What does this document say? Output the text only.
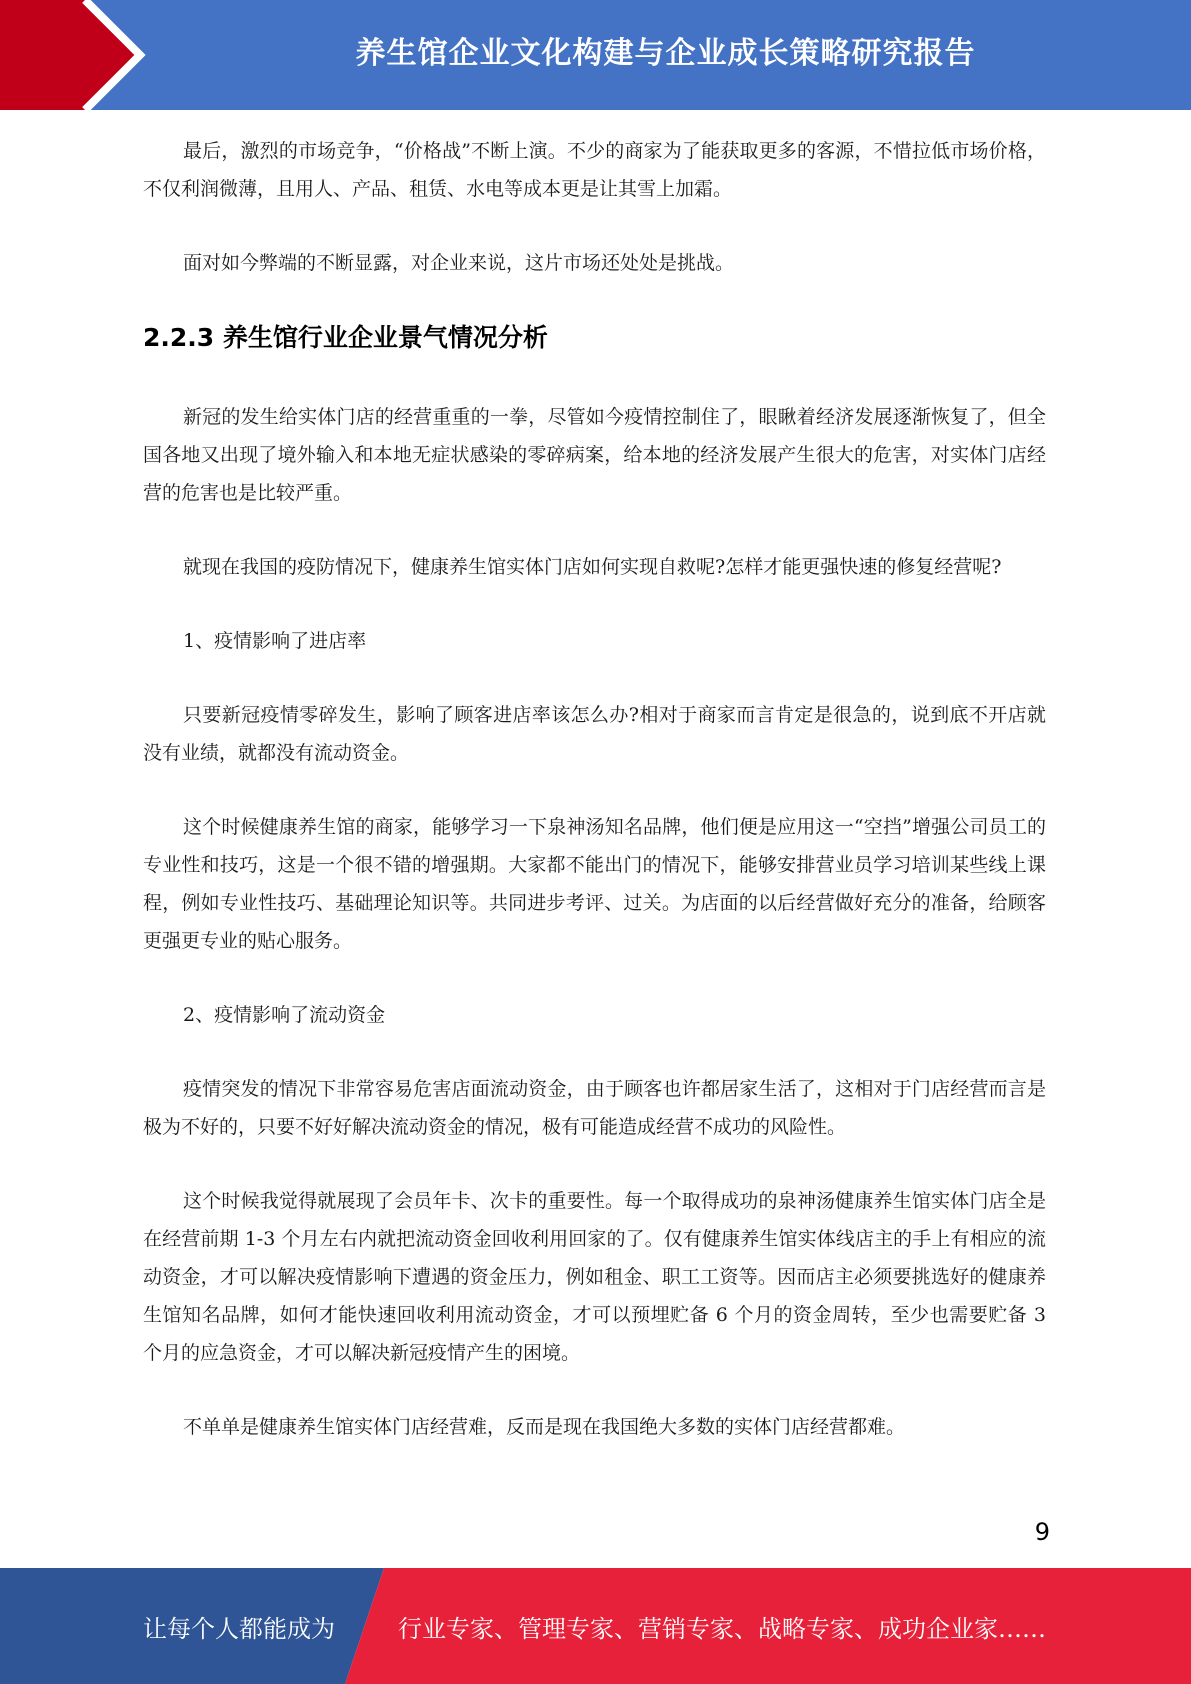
养生馆企业文化构建与企业成长策略研究报告

最后，激烈的市场竞争，“价格战”不断上演。不少的商家为了能获取更多的客源，不惜拉低市场价格，不仅利润微薄，且用人、产品、租赁、水电等成本更是让其雪上加霜。

面对如今弊端的不断显露，对企业来说，这片市场还处处是挑战。

2.2.3 养生馆行业企业景气情况分析

新冠的发生给实体门店的经营重重的一拳，尽管如今疫情控制住了，眼瞅着经济发展逐渐恢复了，但全国各地又出现了境外输入和本地无症状感染的零碎病案，给本地的经济发展产生很大的危害，对实体门店经营的危害也是比较严重。

就现在我国的疫防情况下，健康养生馆实体门店如何实现自救呢?怎样才能更强快速的修复经营呢?

1、疫情影响了进店率

只要新冠疫情零碎发生，影响了顾客进店率该怎么办?相对于商家而言肯定是很急的，说到底不开店就没有业绩，就都没有流动资金。

这个时候健康养生馆的商家，能够学习一下泉神汤知名品牌，他们便是应用这一“空挡”增强公司员工的专业性和技巧，这是一个很不错的增强期。大家都不能出门的情况下，能够安排营业员学习培训某些线上课程，例如专业性技巧、基础理论知识等。共同进步考评、过关。为店面的以后经营做好充分的准备，给顾客更强更专业的贴心服务。

2、疫情影响了流动资金

疫情突发的情况下非常容易危害店面流动资金，由于顾客也许都居家生活了，这相对于门店经营而言是极为不好的，只要不好好解决流动资金的情况，极有可能造成经营不成功的风险性。

这个时候我觉得就展现了会员年卡、次卡的重要性。每一个取得成功的泉神汤健康养生馆实体门店全是在经营前期 1-3 个月左右内就把流动资金回收利用回家的了。仅有健康养生馆实体线店主的手上有相应的流动资金，才可以解决疫情影响下遭遇的资金压力，例如租金、职工工资等。因而店主必须要挑选好的健康养生馆知名品牌，如何才能快速回收利用流动资金，才可以预埋贮备 6 个月的资金周转，至少也需要贮备 3 个月的应急资金，才可以解决新冠疫情产生的困境。

不单单是健康养生馆实体门店经营难，反而是现在我国绝大多数的实体门店经营都难。

9
让每个人都能成为	行业专家、管理专家、营销专家、战略专家、成功企业家……
